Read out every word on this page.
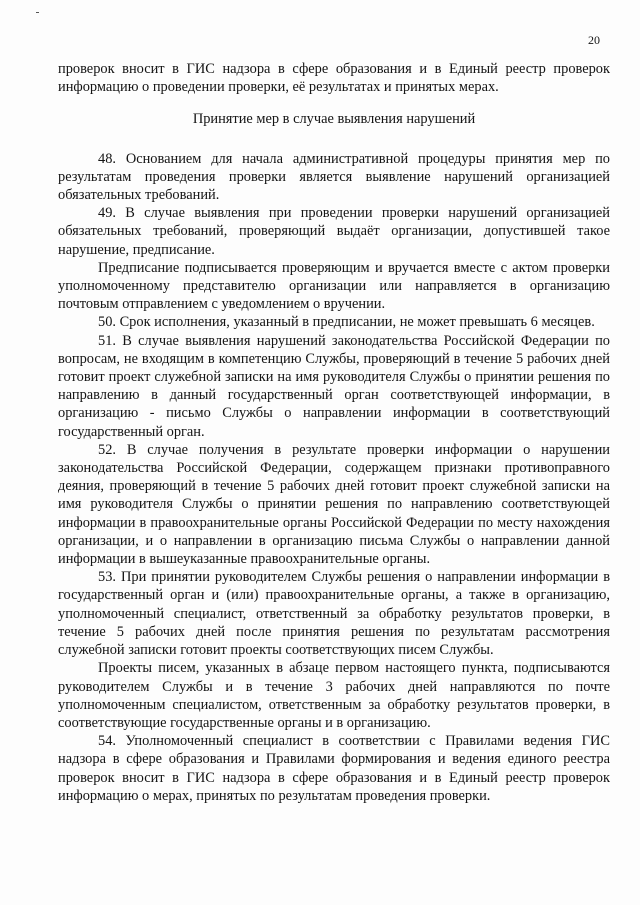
20

проверок вносит в ГИС надзора в сфере образования и в Единый реестр проверок информацию о проведении проверки, её результатах и принятых мерах.

Принятие мер в случае выявления нарушений

48. Основанием для начала административной процедуры принятия мер по результатам проведения проверки является выявление нарушений организацией обязательных требований.

49. В случае выявления при проведении проверки нарушений организацией обязательных требований, проверяющий выдаёт организации, допустившей такое нарушение, предписание.

Предписание подписывается проверяющим и вручается вместе с актом проверки уполномоченному представителю организации или направляется в организацию почтовым отправлением с уведомлением о вручении.

50. Срок исполнения, указанный в предписании, не может превышать 6 месяцев.

51. В случае выявления нарушений законодательства Российской Федерации по вопросам, не входящим в компетенцию Службы, проверяющий в течение 5 рабочих дней готовит проект служебной записки на имя руководителя Службы о принятии решения по направлению в данный государственный орган соответствующей информации, в организацию - письмо Службы о направлении информации в соответствующий государственный орган.

52. В случае получения в результате проверки информации о нарушении законодательства Российской Федерации, содержащем признаки противоправного деяния, проверяющий в течение 5 рабочих дней готовит проект служебной записки на имя руководителя Службы о принятии решения по направлению соответствующей информации в правоохранительные органы Российской Федерации по месту нахождения организации, и о направлении в организацию письма Службы о направлении данной информации в вышеуказанные правоохранительные органы.

53. При принятии руководителем Службы решения о направлении информации в государственный орган и (или) правоохранительные органы, а также в организацию, уполномоченный специалист, ответственный за обработку результатов проверки, в течение 5 рабочих дней после принятия решения по результатам рассмотрения служебной записки готовит проекты соответствующих писем Службы.

Проекты писем, указанных в абзаце первом настоящего пункта, подписываются руководителем Службы и в течение 3 рабочих дней направляются по почте уполномоченным специалистом, ответственным за обработку результатов проверки, в соответствующие государственные органы и в организацию.

54. Уполномоченный специалист в соответствии с Правилами ведения ГИС надзора в сфере образования и Правилами формирования и ведения единого реестра проверок вносит в ГИС надзора в сфере образования и в Единый реестр проверок информацию о мерах, принятых по результатам проведения проверки.
